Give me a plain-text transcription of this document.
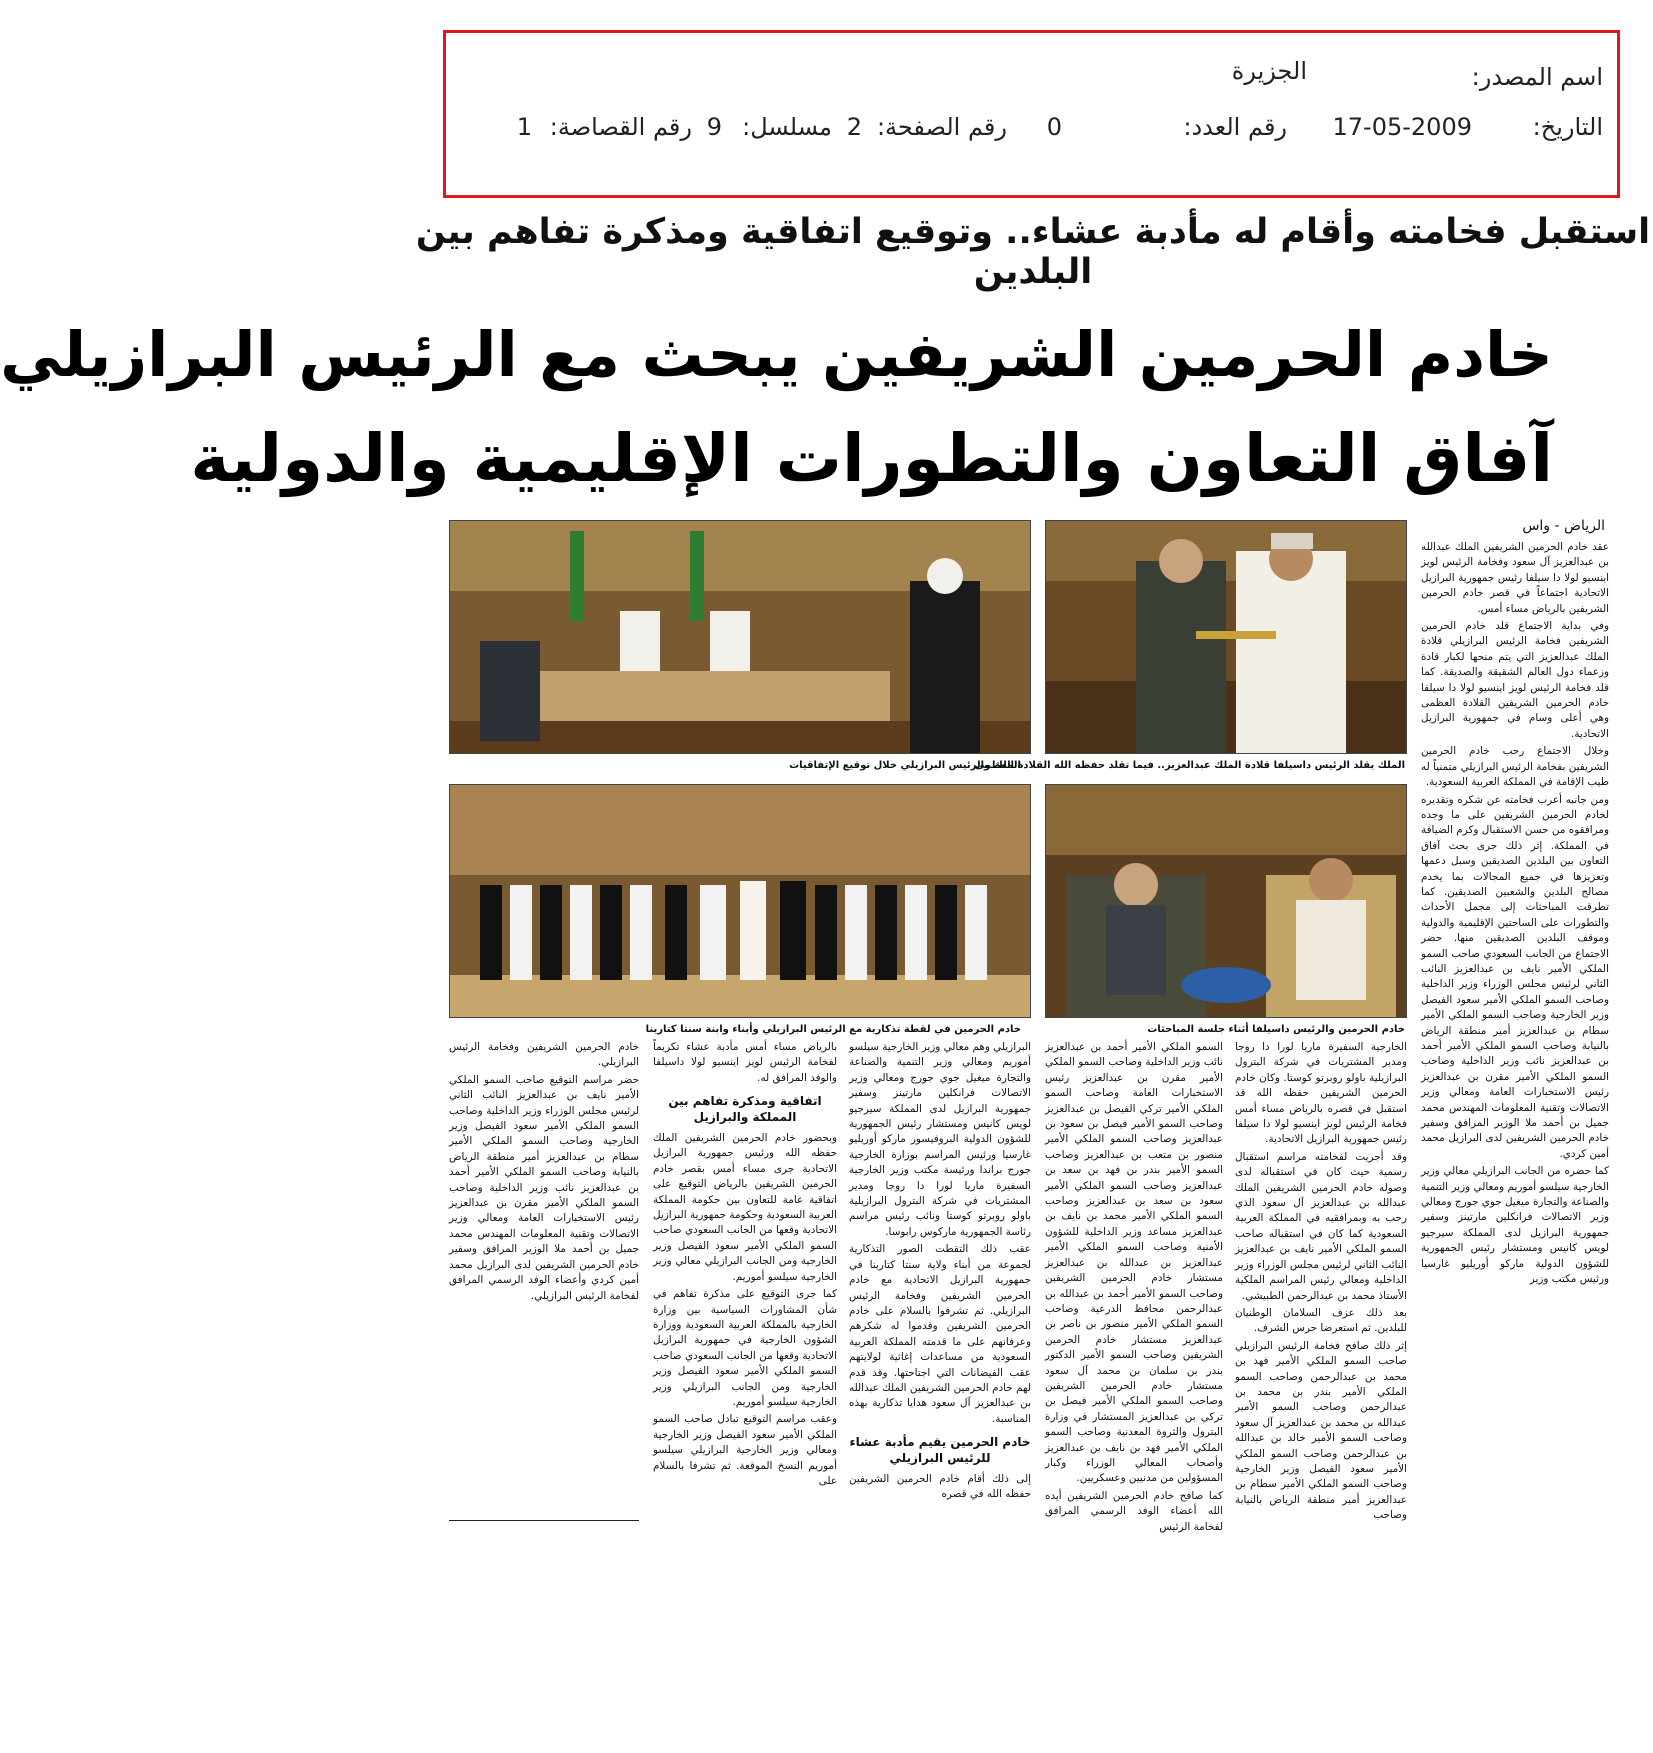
اسم المصدر:
الجزيرة
التاريخ:
17-05-2009
رقم العدد:
0
رقم الصفحة:
2
مسلسل:
9
رقم القصاصة:
1
استقبل فخامته وأقام له مأدبة عشاء.. وتوقيع اتفاقية ومذكرة تفاهم بين البلدين
خادم الحرمين الشريفين يبحث مع الرئيس البرازيلي
آفاق التعاون والتطورات الإقليمية والدولية
الرياض - واس
الملك يقلد الرئيس داسيلفا قلادة الملك عبدالعزيز.. فيما تقلد حفظه الله القلادة العظمى
الملك والرئيس البرازيلي خلال توقيع الإتفاقيات
خادم الحرمين والرئيس داسيلفا أثناء جلسة المباحثات
خادم الحرمين في لقطة تذكارية مع الرئيس البرازيلي وأبناء وابنة سنتا كتارينا

عقد خادم الحرمين الشريفين الملك عبدالله بن عبدالعزيز آل سعود وفخامة الرئيس لويز اينسيو لولا دا سيلفا رئيس جمهورية البرازيل الاتحادية اجتماعاً في قصر خادم الحرمين الشريفين بالرياض مساء أمس.

وفي بداية الاجتماع قلد خادم الحرمين الشريفين فخامة الرئيس البرازيلي قلادة الملك عبدالعزيز التي يتم منحها لكبار قادة وزعماء دول العالم الشقيقة والصديقة. كما قلد فخامة الرئيس لويز اينسيو لولا دا سيلفا خادم الحرمين الشريفين القلادة العظمى وهي أعلى وسام في جمهورية البرازيل الاتحادية.

وخلال الاجتماع رحب خادم الحرمين الشريفين بفخامة الرئيس البرازيلي متمنياً له طيب الإقامة في المملكة العربية السعودية.

ومن جانبه أعرب فخامته عن شكره وتقديره لخادم الحرمين الشريفين على ما وجده ومرافقوه من حسن الاستقبال وكرم الضيافة في المملكة. إثر ذلك جرى بحث آفاق التعاون بين البلدين الصديقين وسبل دعمها وتعزيزها في جميع المجالات بما يخدم مصالح البلدين والشعبين الصديقين. كما تطرقت المباحثات إلى مجمل الأحداث والتطورات على الساحتين الإقليمية والدولية وموقف البلدين الصديقين منها. حضر الاجتماع من الجانب السعودي صاحب السمو الملكي الأمير نايف بن عبدالعزيز النائب الثاني لرئيس مجلس الوزراء وزير الداخلية وصاحب السمو الملكي الأمير سعود الفيصل وزير الخارجية وصاحب السمو الملكي الأمير سطام بن عبدالعزيز أمير منطقة الرياض بالنيابة وصاحب السمو الملكي الأمير أحمد بن عبدالعزيز نائب وزير الداخلية وصاحب السمو الملكي الأمير مقرن بن عبدالعزيز رئيس الاستخبارات العامة ومعالي وزير الاتصالات وتقنية المعلومات المهندس محمد جميل بن أحمد ملا الوزير المرافق وسفير خادم الحرمين الشريفين لدى البرازيل محمد أمين كردي.

كما حضره من الجانب البرازيلي معالي وزير الخارجية سيلسو أموريم ومعالي وزير التنمية والصناعة والتجارة ميغيل جوي جورج ومعالي وزير الاتصالات فرانكلين مارتينز وسفير جمهورية البرازيل لدى المملكة سيرجيو لويس كانيس ومستشار رئيس الجمهورية للشؤون الدولية ماركو أوريليو غارسيا ورئيس مكتب وزير

الخارجية السفيرة ماريا لورا دا روجا ومدير المشتريات في شركة البترول البرازيلية باولو روبرتو كوستا. وكان خادم الحرمين الشريفين حفظه الله قد استقبل في قصره بالرياض مساء أمس فخامة الرئيس لويز اينسيو لولا دا سيلفا رئيس جمهورية البرازيل الاتحادية.

وقد أجريت لفخامته مراسم استقبال رسمية حيث كان في استقباله لدى وصوله خادم الحرمين الشريفين الملك عبدالله بن عبدالعزيز آل سعود الذي رحب به وبمرافقيه في المملكة العربية السعودية كما كان في استقباله صاحب السمو الملكي الأمير نايف بن عبدالعزيز النائب الثاني لرئيس مجلس الوزراء وزير الداخلية ومعالي رئيس المراسم الملكية الأستاذ محمد بن عبدالرحمن الطبيشي.

بعد ذلك عزف السلامان الوطنيان للبلدين. ثم استعرضا حرس الشرف.

إثر ذلك صافح فخامة الرئيس البرازيلي صاحب السمو الملكي الأمير فهد بن محمد بن عبدالرحمن وصاحب السمو الملكي الأمير بندر بن محمد بن عبدالرحمن وصاحب السمو الأمير عبدالله بن محمد بن عبدالعزيز آل سعود وصاحب السمو الأمير خالد بن عبدالله بن عبدالرحمن وصاحب السمو الملكي الأمير سعود الفيصل وزير الخارجية وصاحب السمو الملكي الأمير سطام بن عبدالعزيز أمير منطقة الرياض بالنيابة وصاحب

السمو الملكي الأمير أحمد بن عبدالعزيز نائب وزير الداخلية وصاحب السمو الملكي الأمير مقرن بن عبدالعزيز رئيس الاستخبارات العامة وصاحب السمو الملكي الأمير تركي الفيصل بن عبدالعزيز وصاحب السمو الأمير فيصل بن سعود بن عبدالعزيز وصاحب السمو الملكي الأمير منصور بن متعب بن عبدالعزيز وصاحب السمو الأمير بندر بن فهد بن سعد بن عبدالعزيز وصاحب السمو الملكي الأمير سعود بن سعد بن عبدالعزيز وصاحب السمو الملكي الأمير محمد بن نايف بن عبدالعزيز مساعد وزير الداخلية للشؤون الأمنية وصاحب السمو الملكي الأمير عبدالعزيز بن عبدالله بن عبدالعزيز مستشار خادم الحرمين الشريفين وصاحب السمو الأمير أحمد بن عبدالله بن عبدالرحمن محافظ الدرعية وصاحب السمو الملكي الأمير منصور بن ناصر بن عبدالعزيز مستشار خادم الحرمين الشريفين وصاحب السمو الأمير الدكتور بندر بن سلمان بن محمد آل سعود مستشار خادم الحرمين الشريفين وصاحب السمو الملكي الأمير فيصل بن تركي بن عبدالعزيز المستشار في وزارة البترول والثروة المعدنية وصاحب السمو الملكي الأمير فهد بن نايف بن عبدالعزيز وأصحاب المعالي الوزراء وكبار المسؤولين من مدنيين وعسكريين.

كما صافح خادم الحرمين الشريفين أيده الله أعضاء الوفد الرسمي المرافق لفخامة الرئيس

البرازيلي وهم معالي وزير الخارجية سيلسو أموريم ومعالي وزير التنمية والصناعة والتجارة ميغيل جوي جورج ومعالي وزير الاتصالات فرانكلين مارتينز وسفير جمهورية البرازيل لدى المملكة سيرجيو لويس كانيس ومستشار رئيس الجمهورية للشؤون الدولية البروفيسور ماركو أوريليو غارسيا ورئيس المراسم بوزارة الخارجية جورج براندا ورئيسة مكتب وزير الخارجية السفيرة ماريا لورا دا روجا ومدير المشتريات في شركة البترول البرازيلية باولو روبرتو كوستا ونائب رئيس مراسم رئاسة الجمهورية ماركوس رابوسا.

عقب ذلك التقطت الصور التذكارية لجموعة من أبناء ولاية سنتا كتارينا في جمهورية البرازيل الاتحادية مع خادم الحرمين الشريفين وفخامة الرئيس البرازيلي. ثم تشرفوا بالسلام على خادم الحرمين الشريفين وقدموا له شكرهم وعرفانهم على ما قدمته المملكة العربية السعودية من مساعدات إغاثية لولايتهم عقب الفيضانات التي اجتاحتها. وقد قدم لهم خادم الحرمين الشريفين الملك عبدالله بن عبدالعزيز آل سعود هدايا تذكارية بهذه المناسبة.

خادم الحرمين يقيم مأدبة عشاء للرئيس البرازيلي

إلى ذلك أقام خادم الحرمين الشريفين حفظه الله في قصره

بالرياض مساء أمس مأدبة عشاء تكريماً لفخامة الرئيس لويز اينسيو لولا داسيلفا والوفد المرافق له.

اتفاقية ومذكرة تفاهم بين المملكة والبرازيل

وبحضور خادم الحرمين الشريفين الملك حفظه الله ورئيس جمهورية البرازيل الاتحادية جرى مساء أمس بقصر خادم الحرمين الشريفين بالرياض التوقيع على اتفاقية عامة للتعاون بين حكومة المملكة العربية السعودية وحكومة جمهورية البرازيل الاتحادية وقعها من الجانب السعودي صاحب السمو الملكي الأمير سعود الفيصل وزير الخارجية ومن الجانب البرازيلي معالي وزير الخارجية سيلسو أموريم.

كما جرى التوقيع على مذكرة تفاهم في شأن المشاورات السياسية بين وزارة الخارجية بالمملكة العربية السعودية ووزارة الشؤون الخارجية في جمهورية البرازيل الاتحادية وقعها من الجانب السعودي صاحب السمو الملكي الأمير سعود الفيصل وزير الخارجية ومن الجانب البرازيلي وزير الخارجية سيلسو أموريم.

وعقب مراسم التوقيع تبادل صاحب السمو الملكي الأمير سعود الفيصل وزير الخارجية ومعالي وزير الخارجية البرازيلي سيلسو أموريم النسخ الموقعة. ثم تشرفا بالسلام على

خادم الحرمين الشريفين وفخامة الرئيس البرازيلي.

حضر مراسم التوقيع صاحب السمو الملكي الأمير نايف بن عبدالعزيز النائب الثاني لرئيس مجلس الوزراء وزير الداخلية وصاحب السمو الملكي الأمير سعود الفيصل وزير الخارجية وصاحب السمو الملكي الأمير سطام بن عبدالعزيز أمير منطقة الرياض بالنيابة وصاحب السمو الملكي الأمير أحمد بن عبدالعزيز نائب وزير الداخلية وصاحب السمو الملكي الأمير مقرن بن عبدالعزيز رئيس الاستخبارات العامة ومعالي وزير الاتصالات وتقنية المعلومات المهندس محمد جميل بن أحمد ملا الوزير المرافق وسفير خادم الحرمين الشريفين لدى البرازيل محمد أمين كردي وأعضاء الوفد الرسمي المرافق لفخامة الرئيس البرازيلي.
